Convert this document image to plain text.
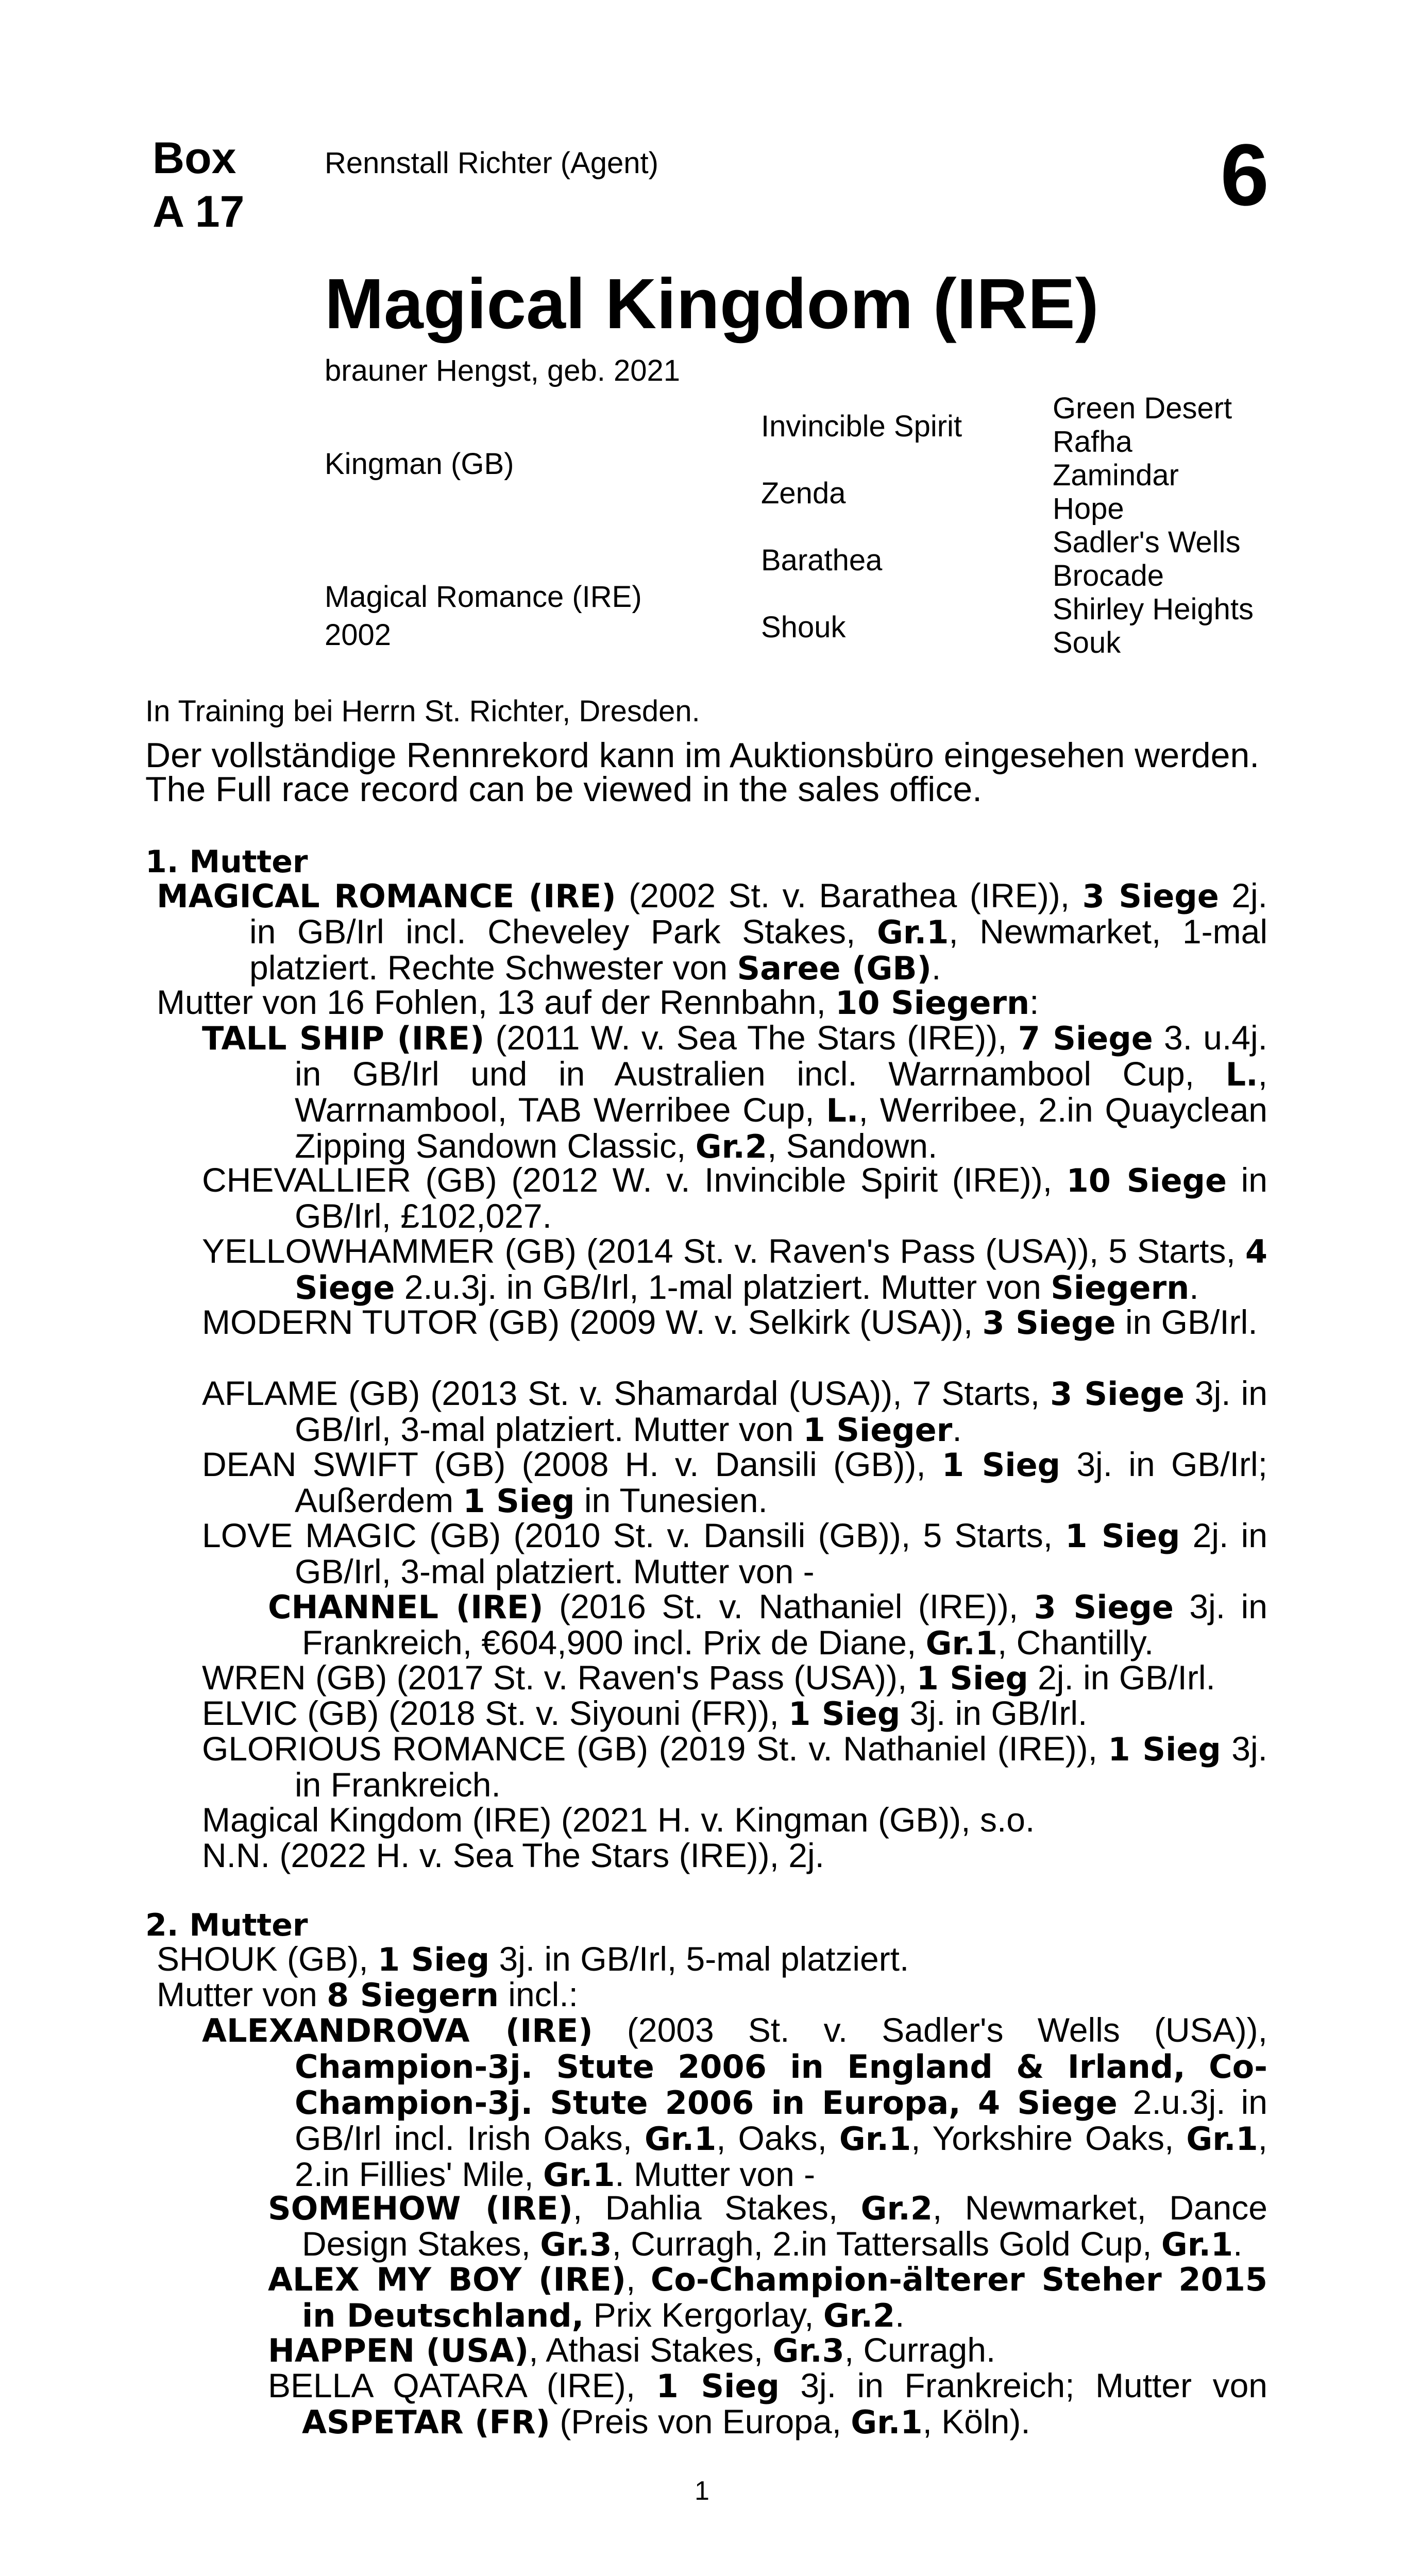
Box
A 17
Rennstall Richter (Agent)	6
Magical Kingdom (IRE)
brauner Hengst, geb. 2021
Kingman (GB)
Magical Romance (IRE)
2002
Invincible Spirit
Zenda
Barathea
Shouk
Green Desert
Rafha
Zamindar
Hope
Sadler's Wells
Brocade
Shirley Heights
Souk
In Training bei Herrn St. Richter, Dresden.
Der vollständige Rennrekord kann im Auktionsbüro eingesehen werden.
The Full race record can be viewed in the sales office.
1. Mutter
MAGICAL ROMANCE (IRE) (2002 St. v. Barathea (IRE)), 3 Siege 2j. in GB/Irl incl. Cheveley Park Stakes, Gr.1, Newmarket, 1-mal platziert. Rechte Schwester von Saree (GB).
Mutter von 16 Fohlen, 13 auf der Rennbahn, 10 Siegern:
TALL SHIP (IRE) (2011 W. v. Sea The Stars (IRE)), 7 Siege 3. u.4j. in GB/Irl und in Australien incl. Warrnambool Cup, L., Warrnambool, TAB Werribee Cup, L., Werribee, 2.in Quayclean Zipping Sandown Classic, Gr.2, Sandown.
CHEVALLIER (GB) (2012 W. v. Invincible Spirit (IRE)), 10 Siege in GB/Irl, £102,027.
YELLOWHAMMER (GB) (2014 St. v. Raven's Pass (USA)), 5 Starts, 4 Siege 2.u.3j. in GB/Irl, 1-mal platziert. Mutter von Siegern.
MODERN TUTOR (GB) (2009 W. v. Selkirk (USA)), 3 Siege in GB/Irl.
AFLAME (GB) (2013 St. v. Shamardal (USA)), 7 Starts, 3 Siege 3j. in GB/Irl, 3-mal platziert. Mutter von 1 Sieger.
DEAN SWIFT (GB) (2008 H. v. Dansili (GB)), 1 Sieg 3j. in GB/Irl; Außerdem 1 Sieg in Tunesien.
LOVE MAGIC (GB) (2010 St. v. Dansili (GB)), 5 Starts, 1 Sieg 2j. in GB/Irl, 3-mal platziert. Mutter von -
CHANNEL (IRE) (2016 St. v. Nathaniel (IRE)), 3 Siege 3j. in Frankreich, €604,900 incl. Prix de Diane, Gr.1, Chantilly.
WREN (GB) (2017 St. v. Raven's Pass (USA)), 1 Sieg 2j. in GB/Irl.
ELVIC (GB) (2018 St. v. Siyouni (FR)), 1 Sieg 3j. in GB/Irl.
GLORIOUS ROMANCE (GB) (2019 St. v. Nathaniel (IRE)), 1 Sieg 3j. in Frankreich.
Magical Kingdom (IRE) (2021 H. v. Kingman (GB)), s.o.
N.N. (2022 H. v. Sea The Stars (IRE)), 2j.
2. Mutter
SHOUK (GB), 1 Sieg 3j. in GB/Irl, 5-mal platziert.
Mutter von 8 Siegern incl.:
ALEXANDROVA (IRE) (2003 St. v. Sadler's Wells (USA)), Champion-3j. Stute 2006 in England & Irland, Co-Champion-3j. Stute 2006 in Europa, 4 Siege 2.u.3j. in GB/Irl incl. Irish Oaks, Gr.1, Oaks, Gr.1, Yorkshire Oaks, Gr.1, 2.in Fillies' Mile, Gr.1. Mutter von -
SOMEHOW (IRE), Dahlia Stakes, Gr.2, Newmarket, Dance Design Stakes, Gr.3, Curragh, 2.in Tattersalls Gold Cup, Gr.1.
ALEX MY BOY (IRE), Co-Champion-älterer Steher 2015 in Deutschland, Prix Kergorlay, Gr.2.
HAPPEN (USA), Athasi Stakes, Gr.3, Curragh.
BELLA QATARA (IRE), 1 Sieg 3j. in Frankreich; Mutter von ASPETAR (FR) (Preis von Europa, Gr.1, Köln).
1
